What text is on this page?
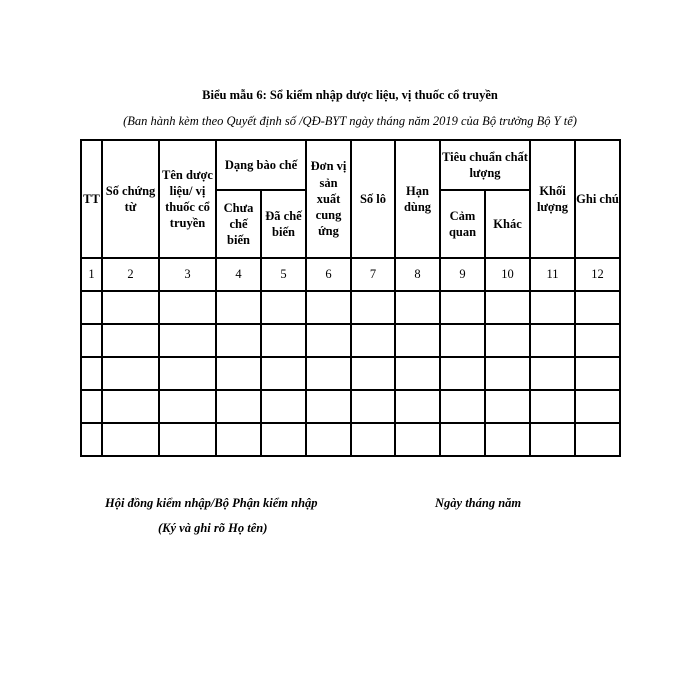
Biểu mẫu 6: Sổ kiểm nhập dược liệu, vị thuốc cổ truyền
(Ban hành kèm theo Quyết định số /QĐ-BYT ngày tháng năm 2019 của Bộ trưởng Bộ Y tế)
TT	Số chứng từ	Tên dược liệu/ vị thuốc cổ truyền	Dạng bào chế		Đơn vị sản xuất cung ứng	Số lô	Hạn dùng	Tiêu chuẩn chất lượng		Khối lượng	Ghi chú
			Chưa chế biến	Đã chế biến				Cảm quan	Khác		
1	2	3	4	5	6	7	8	9	10	11	12

Hội đồng kiểm nhập/Bộ Phận kiểm nhập
(Ký và ghi rõ Họ tên)
Ngày tháng năm
